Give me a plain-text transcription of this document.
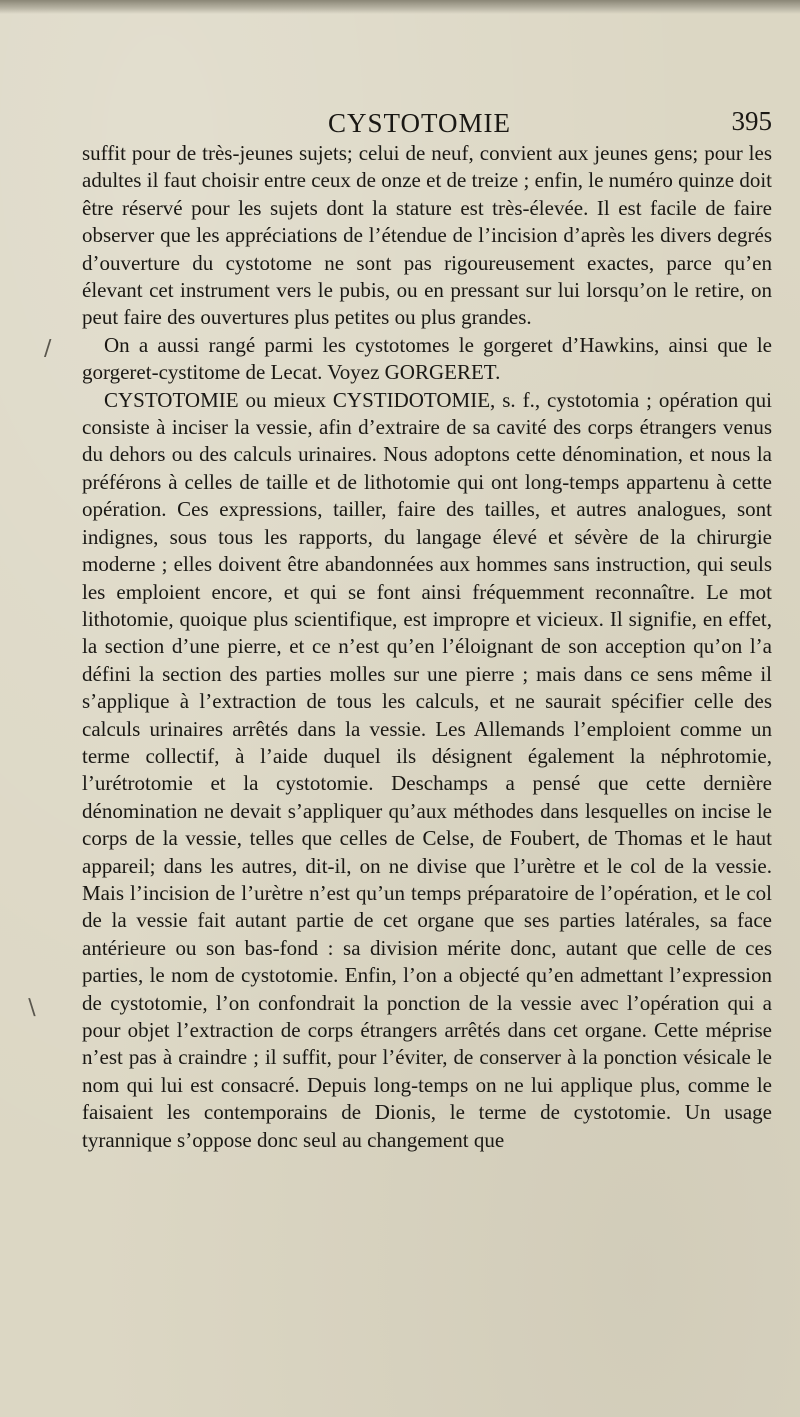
CYSTOTOMIE	395
∕
∖

suffit pour de très-jeunes sujets; celui de neuf, convient aux jeunes gens; pour les adultes il faut choisir entre ceux de onze et de treize ; enfin, le numéro quinze doit être réservé pour les sujets dont la stature est très-élevée. Il est facile de faire observer que les appréciations de l’étendue de l’incision d’après les divers degrés d’ouverture du cystotome ne sont pas rigoureusement exactes, parce qu’en élevant cet instrument vers le pubis, ou en pressant sur lui lorsqu’on le retire, on peut faire des ouvertures plus petites ou plus grandes.

On a aussi rangé parmi les cystotomes le gorgeret d’Hawkins, ainsi que le gorgeret-cystitome de Lecat. Voyez GORGERET.

CYSTOTOMIE ou mieux CYSTIDOTOMIE, s. f., cystotomia ; opération qui consiste à inciser la vessie, afin d’extraire de sa cavité des corps étrangers venus du dehors ou des calculs urinaires. Nous adoptons cette dénomination, et nous la préférons à celles de taille et de lithotomie qui ont long-temps appartenu à cette opération. Ces expressions, tailler, faire des tailles, et autres analogues, sont indignes, sous tous les rapports, du langage élevé et sévère de la chirurgie moderne ; elles doivent être abandonnées aux hommes sans instruction, qui seuls les emploient encore, et qui se font ainsi fréquemment reconnaître. Le mot lithotomie, quoique plus scientifique, est impropre et vicieux. Il signifie, en effet, la section d’une pierre, et ce n’est qu’en l’éloignant de son acception qu’on l’a défini la section des parties molles sur une pierre ; mais dans ce sens même il s’applique à l’extraction de tous les calculs, et ne saurait spécifier celle des calculs urinaires arrêtés dans la vessie. Les Allemands l’emploient comme un terme collectif, à l’aide duquel ils désignent également la néphrotomie, l’urétrotomie et la cystotomie. Deschamps a pensé que cette dernière dénomination ne devait s’appliquer qu’aux méthodes dans lesquelles on incise le corps de la vessie, telles que celles de Celse, de Foubert, de Thomas et le haut appareil; dans les autres, dit-il, on ne divise que l’urètre et le col de la vessie. Mais l’incision de l’urètre n’est qu’un temps préparatoire de l’opération, et le col de la vessie fait autant partie de cet organe que ses parties latérales, sa face antérieure ou son bas-fond : sa division mérite donc, autant que celle de ces parties, le nom de cystotomie. Enfin, l’on a objecté qu’en admettant l’expression de cystotomie, l’on confondrait la ponction de la vessie avec l’opération qui a pour objet l’extraction de corps étrangers arrêtés dans cet organe. Cette méprise n’est pas à craindre ; il suffit, pour l’éviter, de conserver à la ponction vésicale le nom qui lui est consacré. Depuis long-temps on ne lui applique plus, comme le faisaient les contemporains de Dionis, le terme de cystotomie. Un usage tyrannique s’oppose donc seul au changement que
